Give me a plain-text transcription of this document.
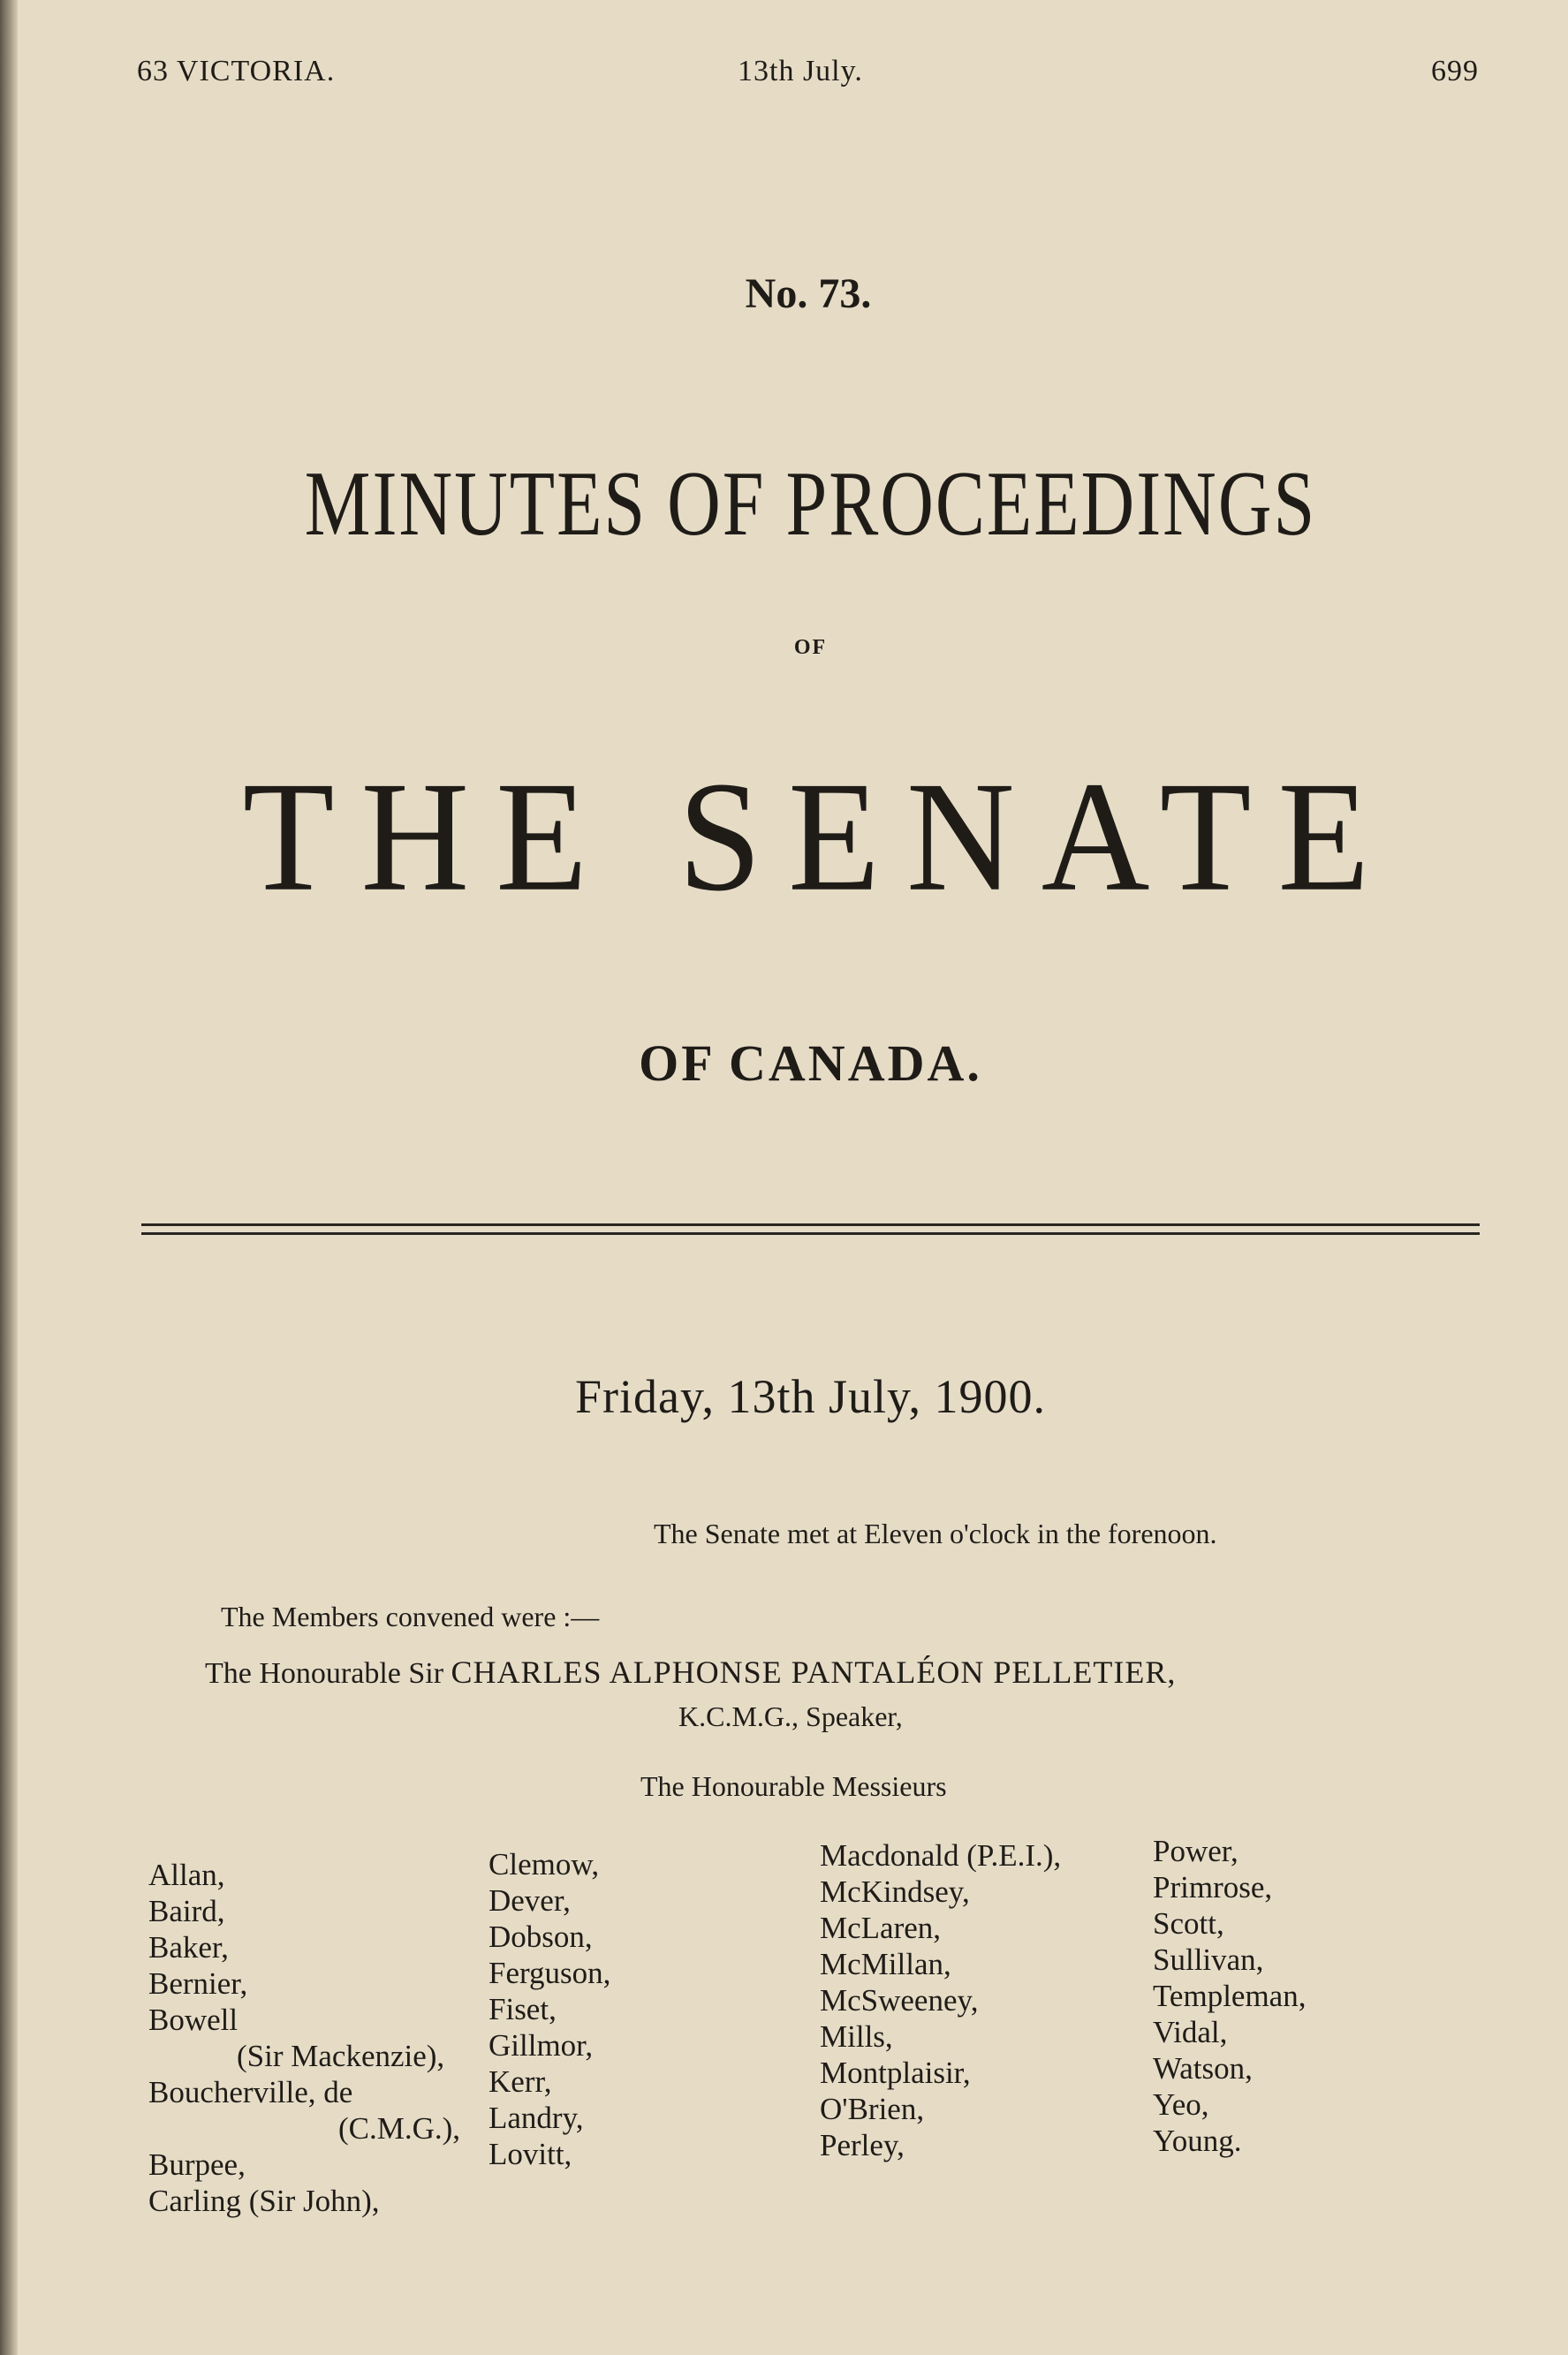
63 VICTORIA.	13th July.	699
No. 73.
MINUTES OF PROCEEDINGS
OF
THE SENATE
OF CANADA.
Friday, 13th July, 1900.
The Senate met at Eleven o'clock in the forenoon.
The Members convened were :—
The Honourable Sir CHARLES ALPHONSE PANTALÉON PELLETIER,
K.C.M.G., Speaker,
The Honourable Messieurs
Allan,
Baird,
Baker,
Bernier,
Bowell
(Sir Mackenzie),
Boucherville, de
(C.M.G.),
Burpee,
Carling (Sir John),
Clemow,
Dever,
Dobson,
Ferguson,
Fiset,
Gillmor,
Kerr,
Landry,
Lovitt,
Macdonald (P.E.I.),
McKindsey,
McLaren,
McMillan,
McSweeney,
Mills,
Montplaisir,
O'Brien,
Perley,
Power,
Primrose,
Scott,
Sullivan,
Templeman,
Vidal,
Watson,
Yeo,
Young.
